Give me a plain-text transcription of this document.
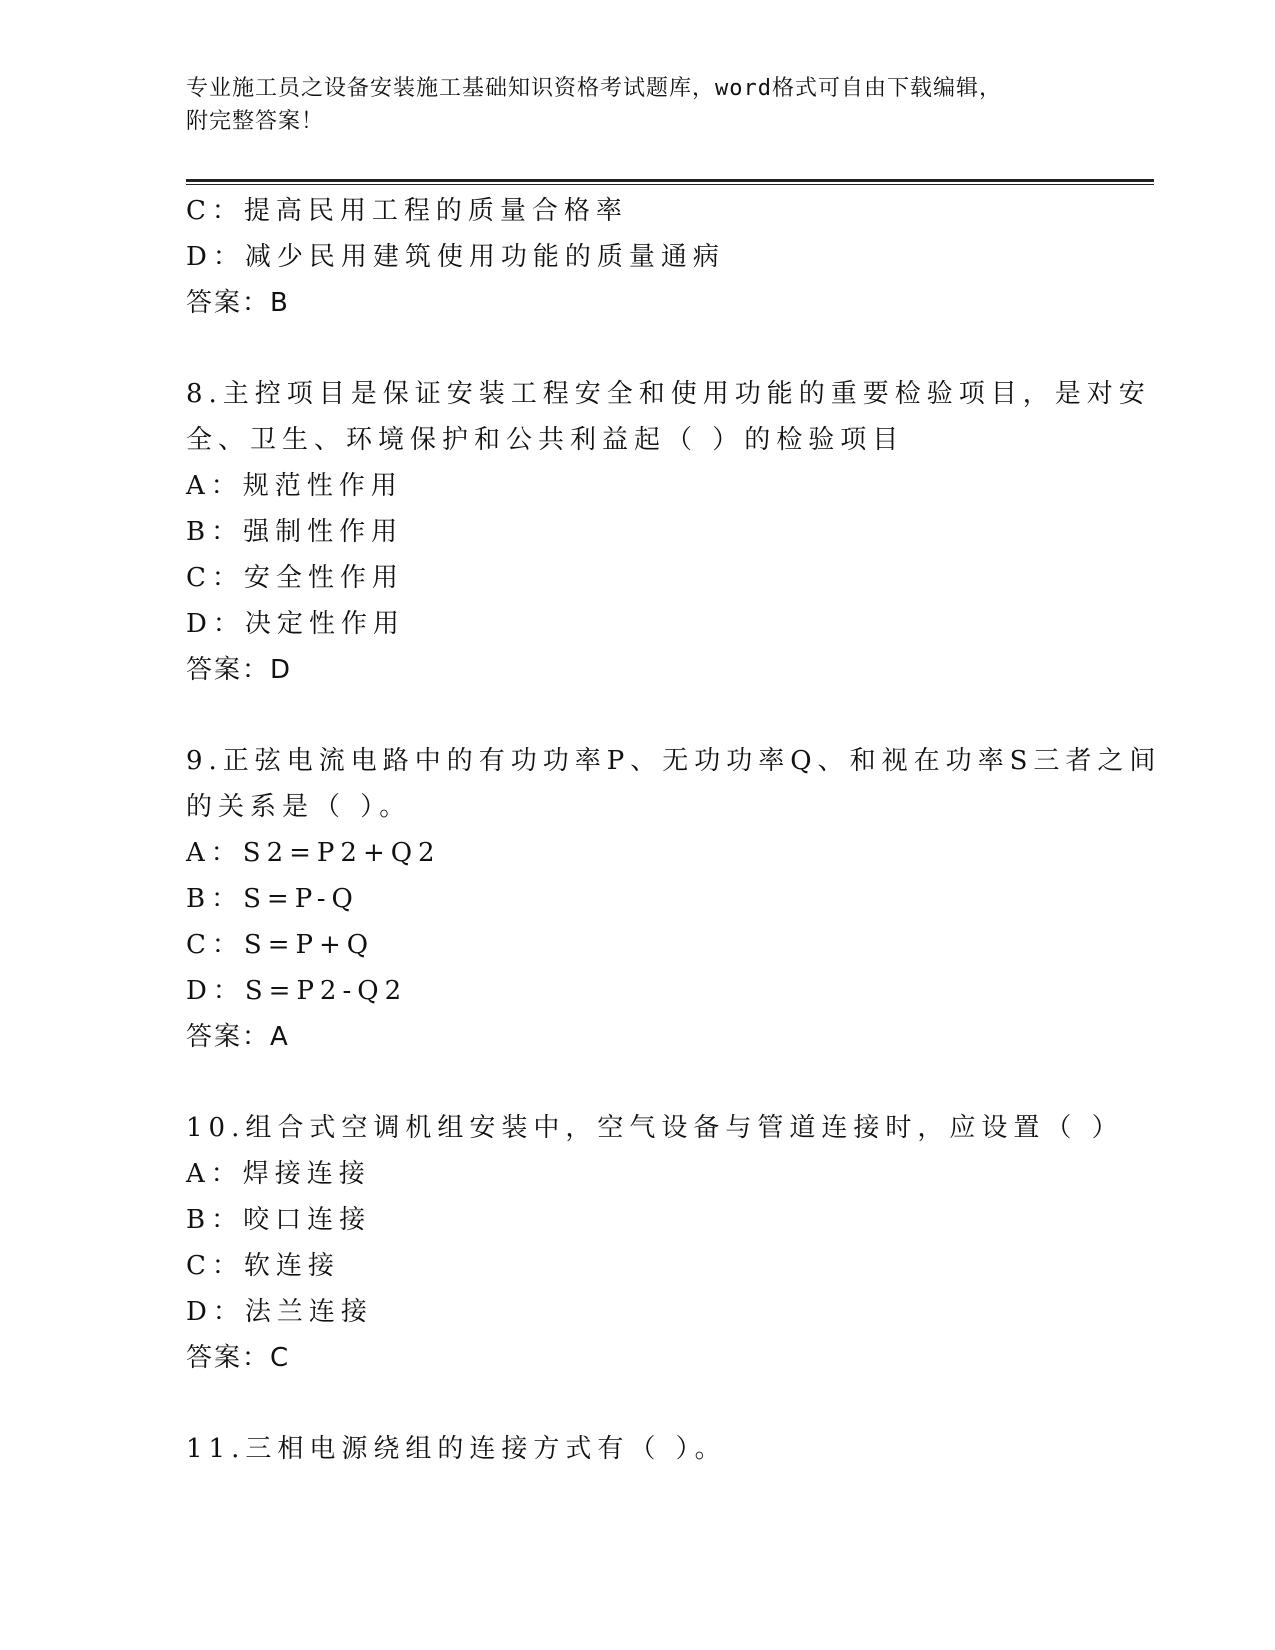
专业施工员之设备安装施工基础知识资格考试题库，word格式可自由下载编辑，
附完整答案！
C：提高民用工程的质量合格率
D：减少民用建筑使用功能的质量通病
答案：B
8.主控项目是保证安装工程安全和使用功能的重要检验项目，是对安
全、卫生、环境保护和公共利益起（ ）的检验项目
A：规范性作用
B：强制性作用
C：安全性作用
D：决定性作用
答案：D
9.正弦电流电路中的有功功率P、无功功率Q、和视在功率S三者之间
的关系是（ ）。
A：S2=P2+Q2
B：S=P-Q
C：S=P+Q
D：S=P2-Q2
答案：A
10.组合式空调机组安装中，空气设备与管道连接时，应设置（ ）
A：焊接连接
B：咬口连接
C：软连接
D：法兰连接
答案：C
11.三相电源绕组的连接方式有（ ）。
